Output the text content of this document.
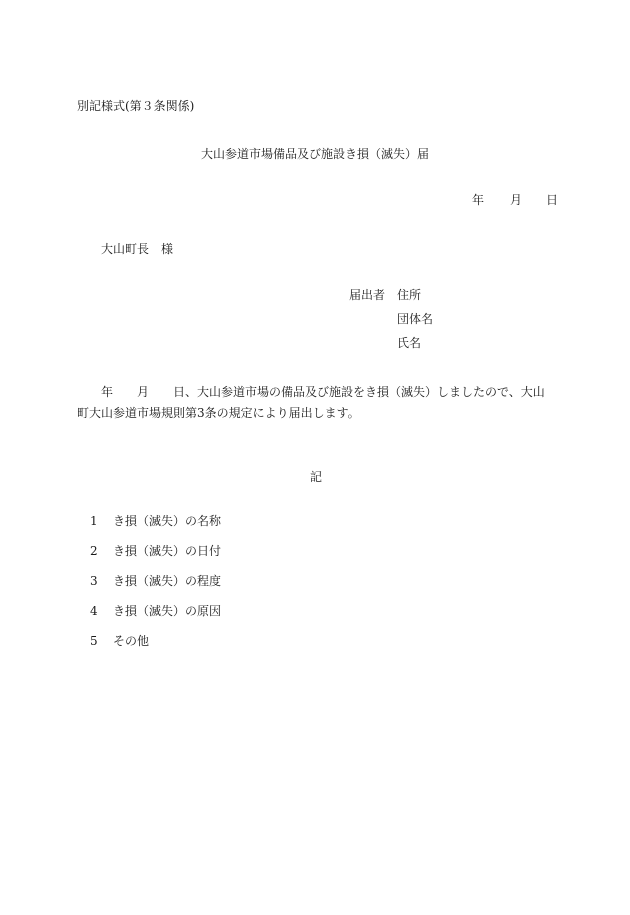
別記様式(第３条関係)
大山参道市場備品及び施設き損（滅失）届
年 月 日
大山町長　様
届出者 住所
団体名
氏名
年 月 日、大山参道市場の備品及び施設をき損（滅失）しましたので、大山町大山参道市場規則第3条の規定により届出します。
記
1	き損（滅失）の名称
2	き損（滅失）の日付
3	き損（滅失）の程度
4	き損（滅失）の原因
5	その他
